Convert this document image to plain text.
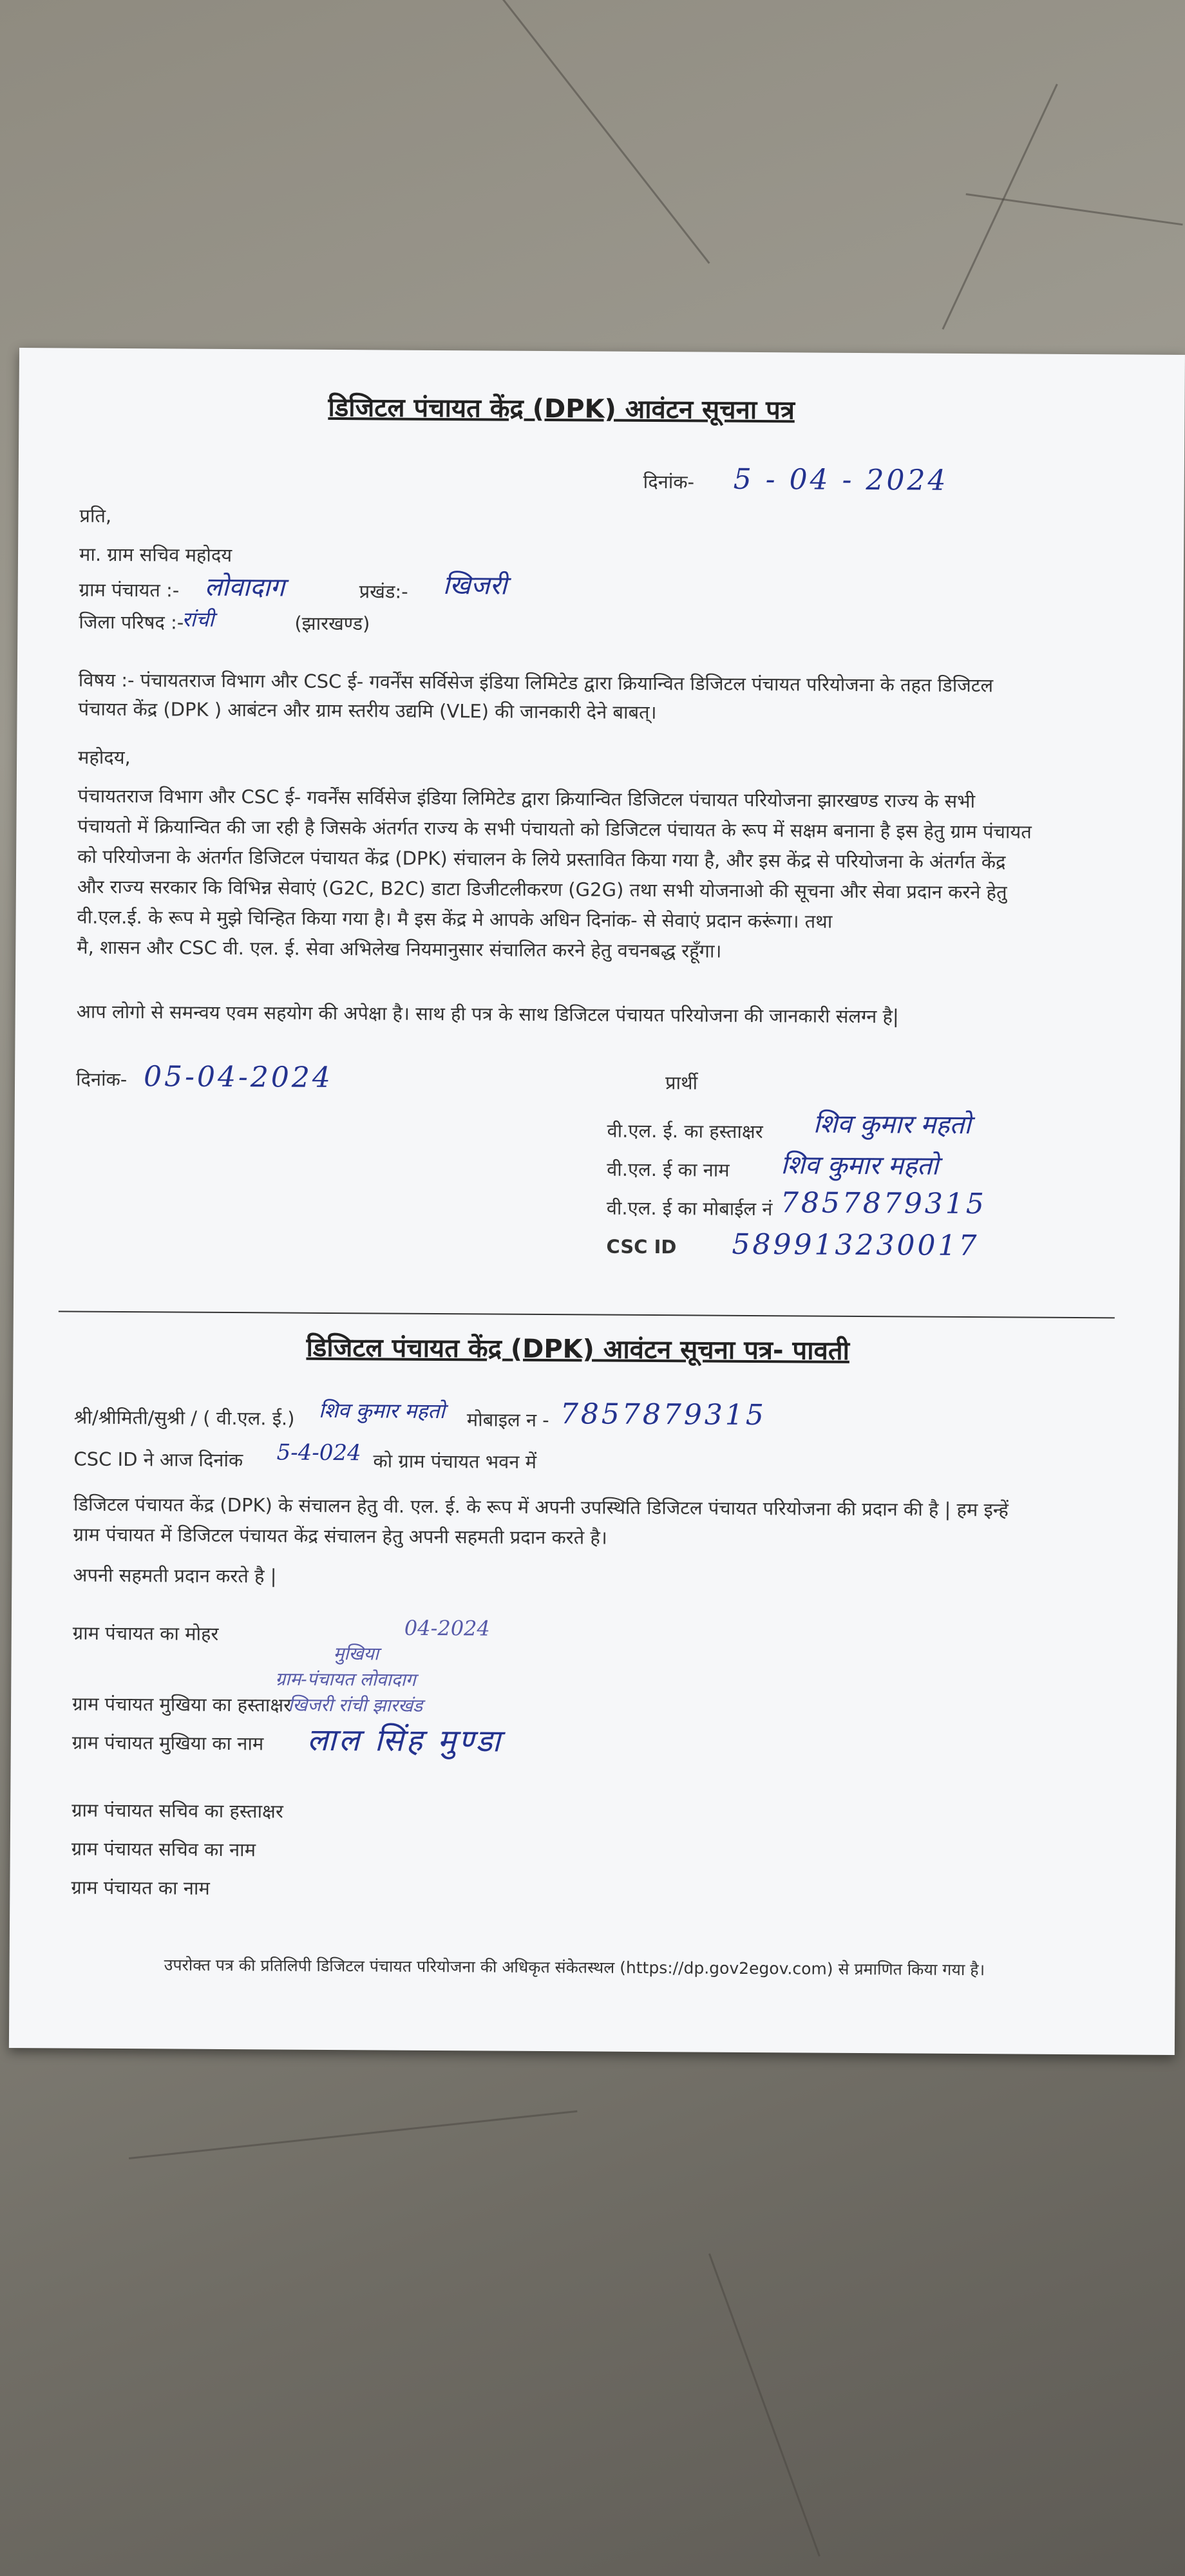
डिजिटल पंचायत केंद्र (DPK) आवंटन सूचना पत्र
दिनांक- 5 - 04 - 2024
प्रति,
मा. ग्राम सचिव महोदय
ग्राम पंचायत :- लोवादाग	प्रखंड:- खिजरी
जिला परिषद :-
रांची	(झारखण्ड)
विषय :- पंचायतराज विभाग और CSC ई- गवर्नेंस सर्विसेज इंडिया लिमिटेड द्वारा क्रियान्वित डिजिटल पंचायत परियोजना के तहत डिजिटल
पंचायत केंद्र (DPK ) आबंटन और ग्राम स्तरीय उद्यमि (VLE) की जानकारी देने बाबत्।
महोदय,
पंचायतराज विभाग और CSC ई- गवर्नेंस सर्विसेज इंडिया लिमिटेड द्वारा क्रियान्वित डिजिटल पंचायत परियोजना झारखण्ड राज्य के सभी
पंचायतो में क्रियान्वित की जा रही है जिसके अंतर्गत राज्य के सभी पंचायतो को डिजिटल पंचायत के रूप में सक्षम बनाना है इस हेतु ग्राम पंचायत
को परियोजना के अंतर्गत डिजिटल पंचायत केंद्र (DPK) संचालन के लिये प्रस्तावित किया गया है, और इस केंद्र से परियोजना के अंतर्गत केंद्र
और राज्य सरकार कि विभिन्न सेवाएं (G2C, B2C) डाटा डिजीटलीकरण (G2G) तथा सभी योजनाओ की सूचना और सेवा प्रदान करने हेतु
वी.एल.ई. के रूप मे मुझे चिन्हित किया गया है। मै इस केंद्र मे आपके अधिन दिनांक- से सेवाएं प्रदान करूंगा। तथा
मै, शासन और CSC वी. एल. ई. सेवा अभिलेख नियमानुसार संचालित करने हेतु वचनबद्ध रहूँगा।
आप लोगो से समन्वय एवम सहयोग की अपेक्षा है। साथ ही पत्र के साथ डिजिटल पंचायत परियोजना की जानकारी संलग्न है|
दिनांक- 05-04-2024	प्रार्थी
वी.एल. ई. का हस्ताक्षर शिव कुमार महतो
वी.एल. ई का नाम शिव कुमार महतो
वी.एल. ई का मोबाईल नं 7857879315
CSC ID 589913230017
डिजिटल पंचायत केंद्र (DPK) आवंटन सूचना पत्र- पावती
श्री/श्रीमिती/सुश्री / ( वी.एल. ई.) शिव कुमार महतो मोबाइल न - 7857879315
CSC ID ने आज दिनांक 5-4-024 को ग्राम पंचायत भवन में
डिजिटल पंचायत केंद्र (DPK) के संचालन हेतु वी. एल. ई. के रूप में अपनी उपस्थिति डिजिटल पंचायत परियोजना की प्रदान की है | हम इन्हें
ग्राम पंचायत में डिजिटल पंचायत केंद्र संचालन हेतु अपनी सहमती प्रदान करते है।
अपनी सहमती प्रदान करते है |
ग्राम पंचायत का मोहर	04-2024
मुखिया
ग्राम-पंचायत लोवादाग
ग्राम पंचायत मुखिया का हस्ताक्षर
खिजरी रांची झारखंड
ग्राम पंचायत मुखिया का नाम लाल सिंह मुण्डा
ग्राम पंचायत सचिव का हस्ताक्षर
ग्राम पंचायत सचिव का नाम
ग्राम पंचायत का नाम
उपरोक्त पत्र की प्रतिलिपी डिजिटल पंचायत परियोजना की अधिकृत संकेतस्थल (https://dp.gov2egov.com) से प्रमाणित किया गया है।
